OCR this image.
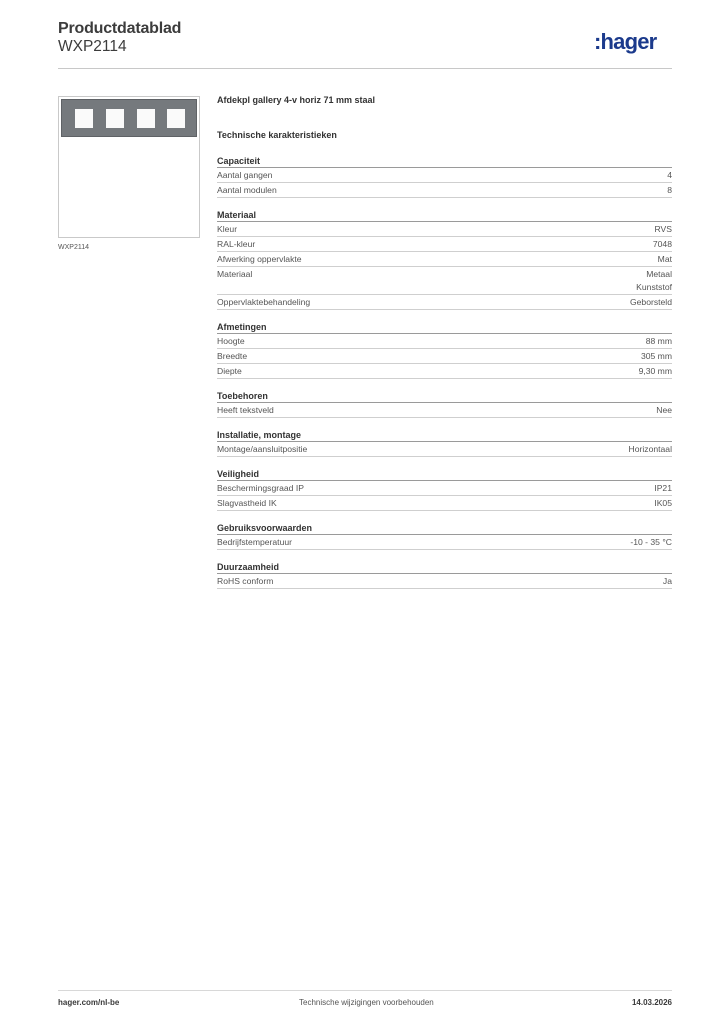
Productdatablad
WXP2114	:hager
WXP2114
Afdekpl gallery 4-v horiz 71 mm staal
Technische karakteristieken
Capaciteit
Aantal gangen	4
Aantal modulen	8
Materiaal
Kleur	RVS
RAL-kleur	7048
Afwerking oppervlakte	Mat
Materiaal	Metaal
Kunststof
Oppervlaktebehandeling	Geborsteld
Afmetingen
Hoogte	88 mm
Breedte	305 mm
Diepte	9,30 mm
Toebehoren
Heeft tekstveld	Nee
Installatie, montage
Montage/aansluitpositie	Horizontaal
Veiligheid
Beschermingsgraad IP	IP21
Slagvastheid IK	IK05
Gebruiksvoorwaarden
Bedrijfstemperatuur	-10 - 35 °C
Duurzaamheid
RoHS conform	Ja
hager.com/nl-be	Technische wijzigingen voorbehouden	14.03.2026
